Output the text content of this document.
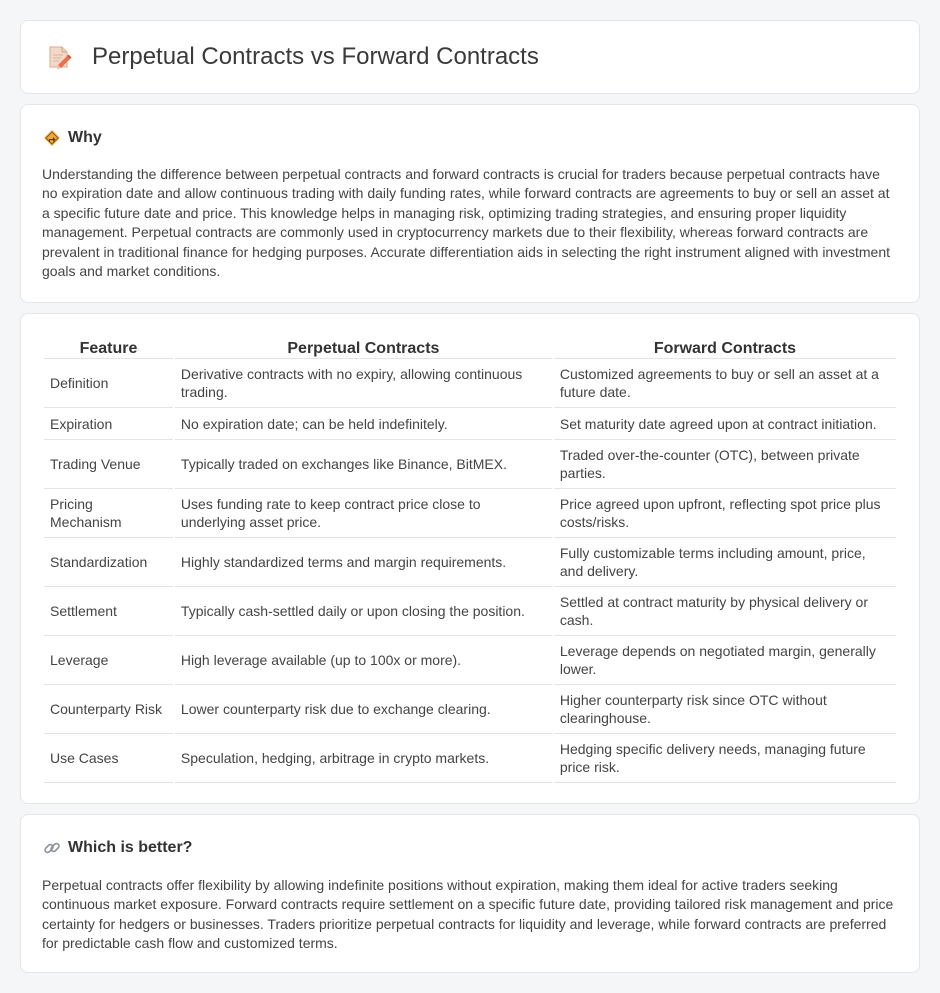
Perpetual Contracts vs Forward Contracts
Why

Understanding the difference between perpetual contracts and forward contracts is crucial for traders because perpetual contracts have no expiration date and allow continuous trading with daily funding rates, while forward contracts are agreements to buy or sell an asset at a specific future date and price. This knowledge helps in managing risk, optimizing trading strategies, and ensuring proper liquidity management. Perpetual contracts are commonly used in cryptocurrency markets due to their flexibility, whereas forward contracts are prevalent in traditional finance for hedging purposes. Accurate differentiation aids in selecting the right instrument aligned with investment goals and market conditions.

Feature	Perpetual Contracts	Forward Contracts
Definition	Derivative contracts with no expiry, allowing continuous trading.	Customized agreements to buy or sell an asset at a future date.
Expiration	No expiration date; can be held indefinitely.	Set maturity date agreed upon at contract initiation.
Trading Venue	Typically traded on exchanges like Binance, BitMEX.	Traded over-the-counter (OTC), between private parties.
Pricing Mechanism	Uses funding rate to keep contract price close to underlying asset price.	Price agreed upon upfront, reflecting spot price plus costs/risks.
Standardization	Highly standardized terms and margin requirements.	Fully customizable terms including amount, price, and delivery.
Settlement	Typically cash-settled daily or upon closing the position.	Settled at contract maturity by physical delivery or cash.
Leverage	High leverage available (up to 100x or more).	Leverage depends on negotiated margin, generally lower.
Counterparty Risk	Lower counterparty risk due to exchange clearing.	Higher counterparty risk since OTC without clearinghouse.
Use Cases	Speculation, hedging, arbitrage in crypto markets.	Hedging specific delivery needs, managing future price risk.
Which is better?

Perpetual contracts offer flexibility by allowing indefinite positions without expiration, making them ideal for active traders seeking continuous market exposure. Forward contracts require settlement on a specific future date, providing tailored risk management and price certainty for hedgers or businesses. Traders prioritize perpetual contracts for liquidity and leverage, while forward contracts are preferred for predictable cash flow and customized terms.
